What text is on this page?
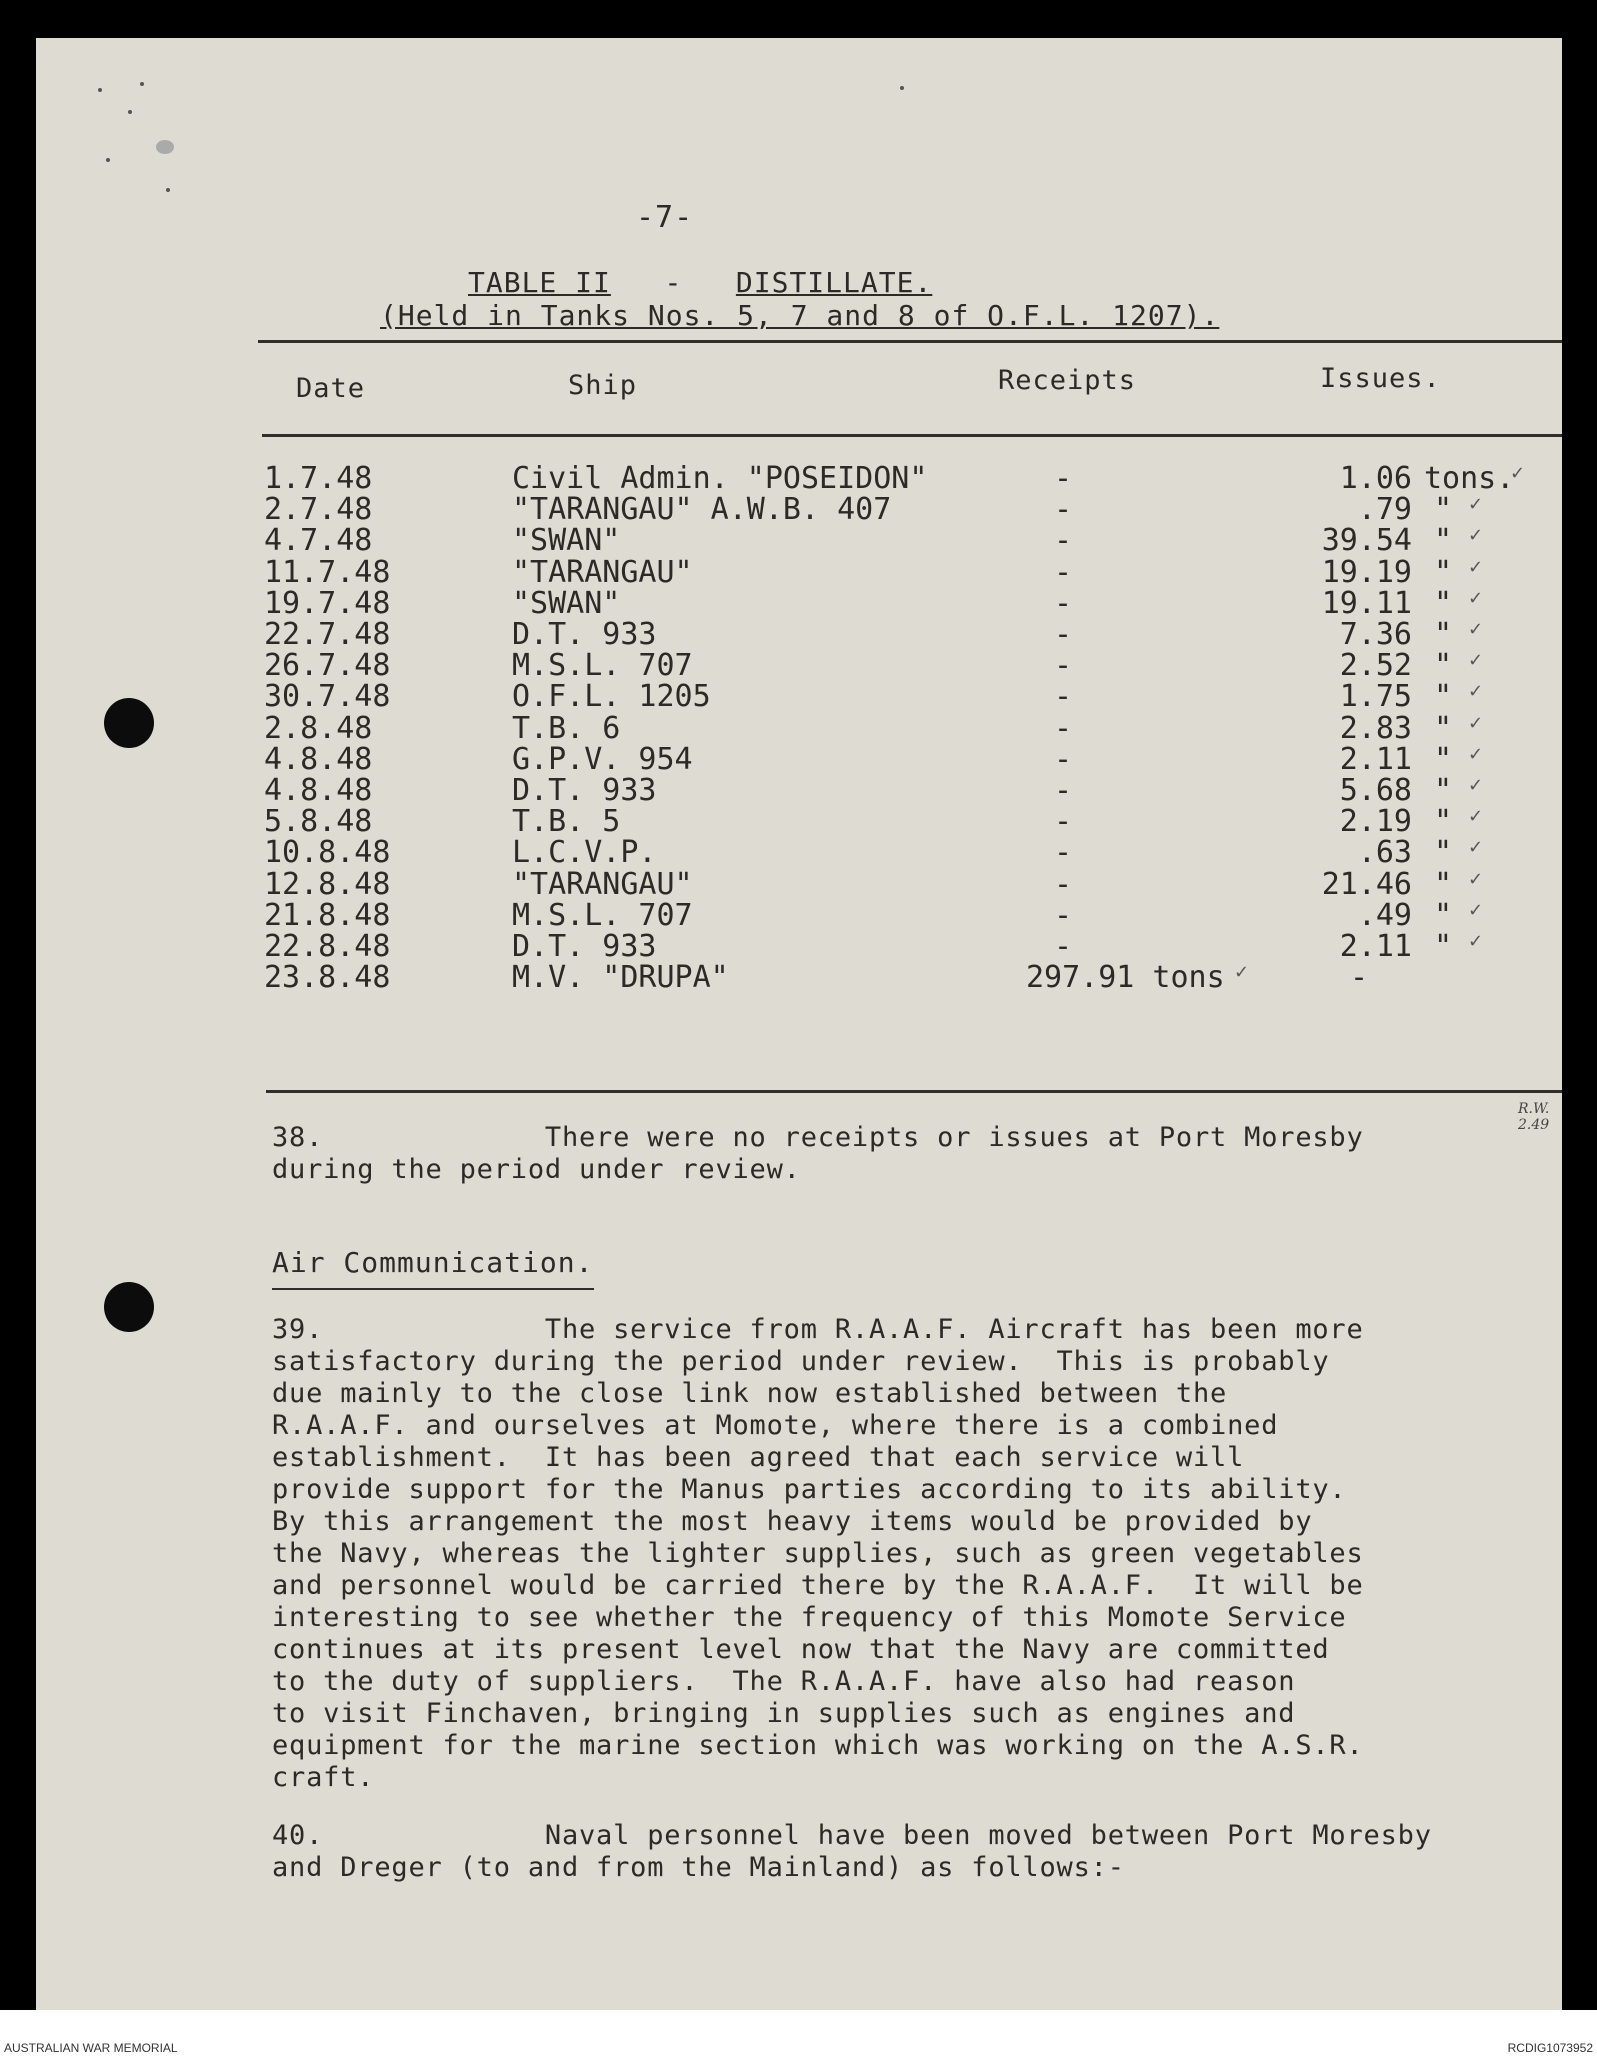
-7-
TABLE II - DISTILLATE.
(Held in Tanks Nos. 5, 7 and 8 of O.F.L. 1207).
Date	Ship	Receipts	Issues.
1.7.48	Civil Admin. "POSEIDON"	-	1.06 tons.
✓
2.7.48	"TARANGAU" A.W.B. 407	-	.79 " ✓
4.7.48	"SWAN"	-	39.54 " ✓
11.7.48	"TARANGAU"	-	19.19 " ✓
19.7.48	"SWAN"	-	19.11 " ✓
22.7.48	D.T. 933	-	7.36 " ✓
26.7.48	M.S.L. 707	-	2.52 " ✓
30.7.48	O.F.L. 1205	-	1.75 " ✓
2.8.48	T.B. 6	-	2.83 " ✓
4.8.48	G.P.V. 954	-	2.11 " ✓
4.8.48	D.T. 933	-	5.68 " ✓
5.8.48	T.B. 5	-	2.19 " ✓
10.8.48	L.C.V.P.	-	.63 " ✓
12.8.48	"TARANGAU"	-	21.46 " ✓
21.8.48	M.S.L. 707	-	.49 " ✓
22.8.48	D.T. 933	-	2.11 " ✓
23.8.48	M.V. "DRUPA"	297.91 tons	-
✓
R.W. 2.49
38.             There were no receipts or issues at Port Moresby
during the period under review.
Air Communication.
39.             The service from R.A.A.F. Aircraft has been more
satisfactory during the period under review.  This is probably
due mainly to the close link now established between the
R.A.A.F. and ourselves at Momote, where there is a combined
establishment.  It has been agreed that each service will
provide support for the Manus parties according to its ability.
By this arrangement the most heavy items would be provided by
the Navy, whereas the lighter supplies, such as green vegetables
and personnel would be carried there by the R.A.A.F.  It will be
interesting to see whether the frequency of this Momote Service
continues at its present level now that the Navy are committed
to the duty of suppliers.  The R.A.A.F. have also had reason
to visit Finchaven, bringing in supplies such as engines and
equipment for the marine section which was working on the A.S.R.
craft.
40.             Naval personnel have been moved between Port Moresby
and Dreger (to and from the Mainland) as follows:-
AUSTRALIAN WAR MEMORIAL	RCDIG1073952
